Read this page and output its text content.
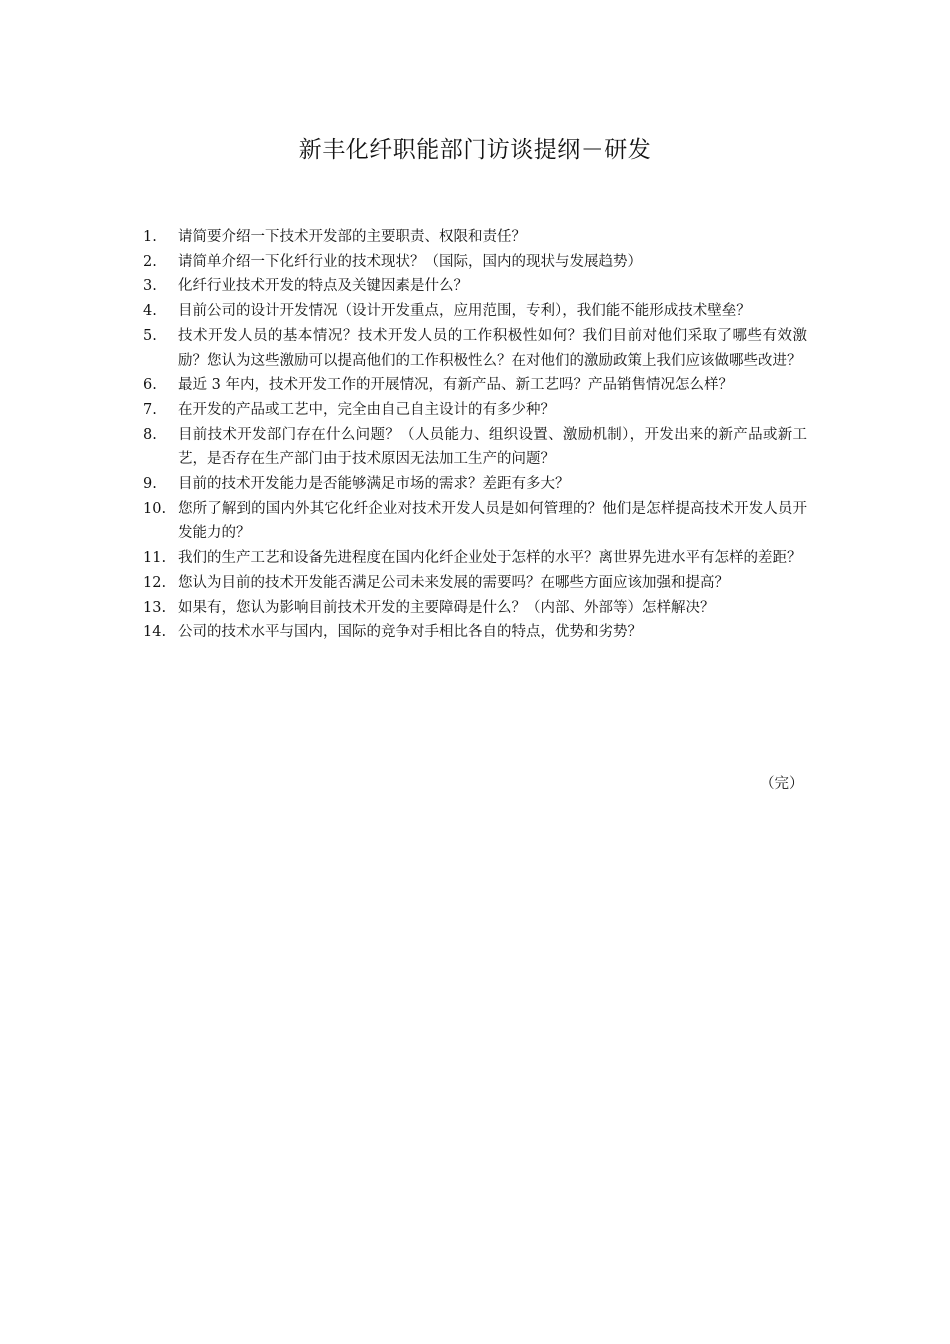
新丰化纤职能部门访谈提纲－研发
1.	请简要介绍一下技术开发部的主要职责、权限和责任？
2.	请简单介绍一下化纤行业的技术现状？（国际，国内的现状与发展趋势）
3.	化纤行业技术开发的特点及关键因素是什么？
4.	目前公司的设计开发情况（设计开发重点，应用范围，专利），我们能不能形成技术壁垒？
5.	技术开发人员的基本情况？技术开发人员的工作积极性如何？我们目前对他们采取了哪些有效激励？您认为这些激励可以提高他们的工作积极性么？在对他们的激励政策上我们应该做哪些改进？
6.	最近 3 年内，技术开发工作的开展情况，有新产品、新工艺吗？产品销售情况怎么样？
7.	在开发的产品或工艺中，完全由自己自主设计的有多少种？
8.	目前技术开发部门存在什么问题？（人员能力、组织设置、激励机制），开发出来的新产品或新工艺，是否存在生产部门由于技术原因无法加工生产的问题？
9.	目前的技术开发能力是否能够满足市场的需求？差距有多大？
10. 您所了解到的国内外其它化纤企业对技术开发人员是如何管理的？他们是怎样提高技术开发人员开发能力的？
11. 我们的生产工艺和设备先进程度在国内化纤企业处于怎样的水平？离世界先进水平有怎样的差距？
12. 您认为目前的技术开发能否满足公司未来发展的需要吗？在哪些方面应该加强和提高？
13. 如果有，您认为影响目前技术开发的主要障碍是什么？（内部、外部等）怎样解决？
14. 公司的技术水平与国内，国际的竞争对手相比各自的特点，优势和劣势？

（完）
